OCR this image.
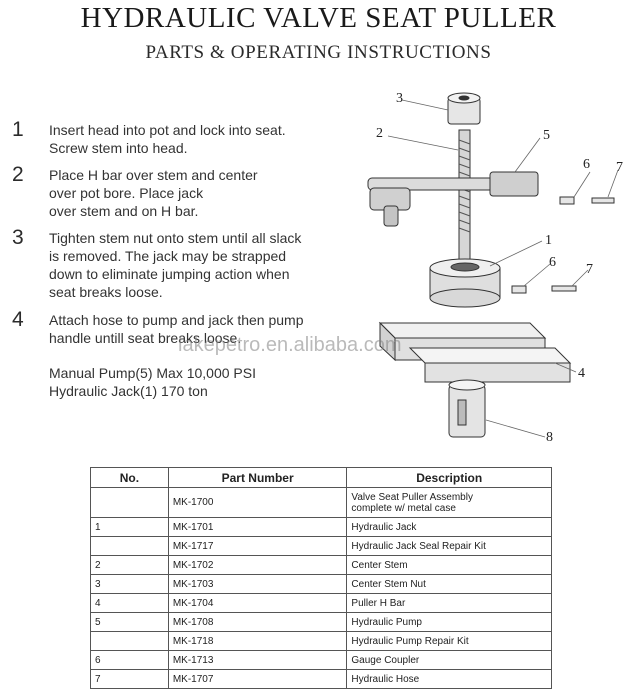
HYDRAULIC VALVE SEAT PULLER
PARTS & OPERATING INSTRUCTIONS
1 Insert head into pot and lock into seat.
Screw stem into head.
2 Place H bar over stem and center
over pot bore. Place jack
over stem and on H bar.
3 Tighten stem nut onto stem until all slack
is removed. The jack may be strapped
down to eliminate jumping action when
seat breaks loose.
4 Attach hose to pump and jack then pump
handle untill seat breaks loose.
Manual Pump(5) Max 10,000 PSI
Hydraulic Jack(1) 170 ton
3
2	5
6 7
1
6 7
4
8
lakepetro.en.alibaba.com
No.	Part Number	Description
	MK-1700	Valve Seat Puller Assembly
complete w/ metal case
1	MK-1701	Hydraulic Jack
	MK-1717	Hydraulic Jack Seal Repair Kit
2	MK-1702	Center Stem
3	MK-1703	Center Stem Nut
4	MK-1704	Puller H Bar
5	MK-1708	Hydraulic Pump
	MK-1718	Hydraulic Pump Repair Kit
6	MK-1713	Gauge Coupler
7	MK-1707	Hydraulic Hose
